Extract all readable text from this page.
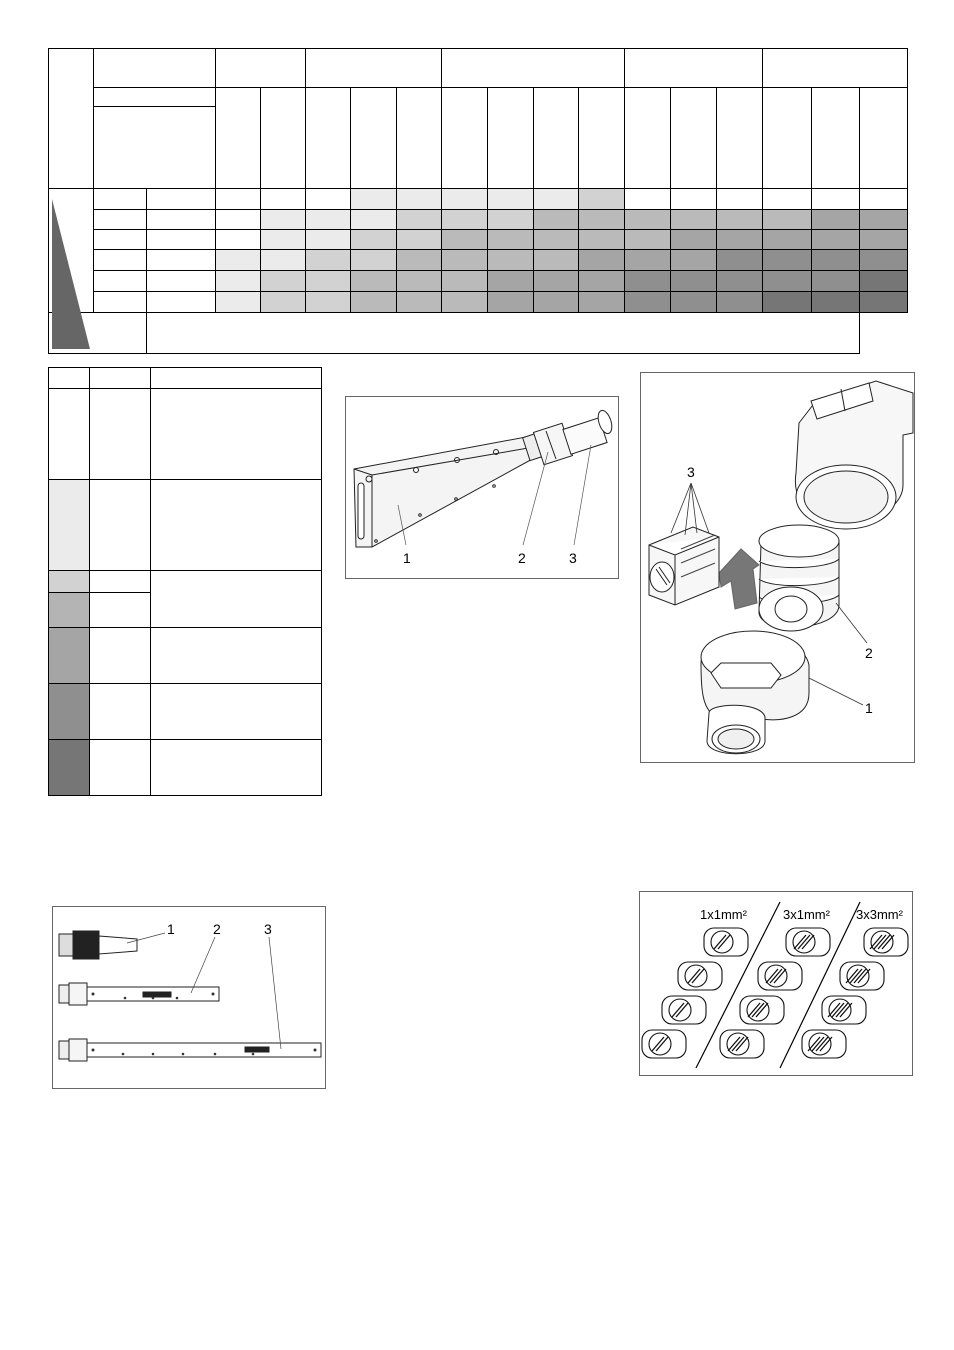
1	2	3
3
2
1
1	2	3
1x1mm²	3x1mm² 3x3mm²
